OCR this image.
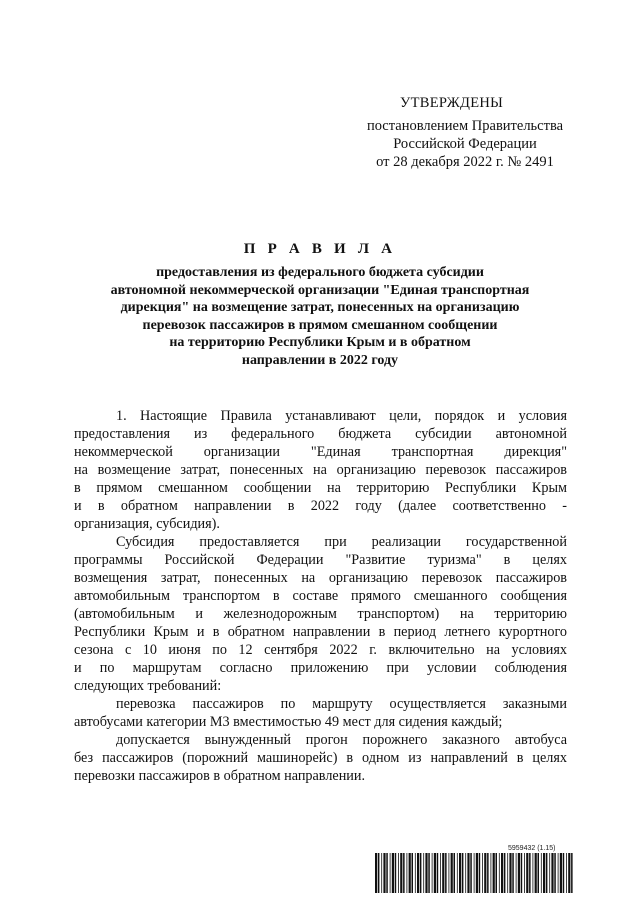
УТВЕРЖДЕНЫ
постановлением Правительства
Российской Федерации
от 28 декабря 2022 г. № 2491
П Р А В И Л А
предоставления из федерального бюджета субсидии
автономной некоммерческой организации "Единая транспортная
дирекция" на возмещение затрат, понесенных на организацию
перевозок пассажиров в прямом смешанном сообщении
на территорию Республики Крым и в обратном
направлении в 2022 году
1. Настоящие Правила устанавливают цели, порядок и условия
предоставления из федерального бюджета субсидии автономной
некоммерческой организации "Единая транспортная дирекция"
на возмещение затрат, понесенных на организацию перевозок пассажиров
в прямом смешанном сообщении на территорию Республики Крым
и в обратном направлении в 2022 году (далее соответственно -
организация, субсидия).
Субсидия предоставляется при реализации государственной
программы Российской Федерации "Развитие туризма" в целях
возмещения затрат, понесенных на организацию перевозок пассажиров
автомобильным транспортом в составе прямого смешанного сообщения
(автомобильным и железнодорожным транспортом) на территорию
Республики Крым и в обратном направлении в период летнего курортного
сезона с 10 июня по 12 сентября 2022 г. включительно на условиях
и по маршрутам согласно приложению при условии соблюдения
следующих требований:
перевозка пассажиров по маршруту осуществляется заказными
автобусами категории М3 вместимостью 49 мест для сидения каждый;
допускается вынужденный прогон порожнего заказного автобуса
без пассажиров (порожний машинорейс) в одном из направлений в целях
перевозки пассажиров в обратном направлении.
5959432 (1.15)
